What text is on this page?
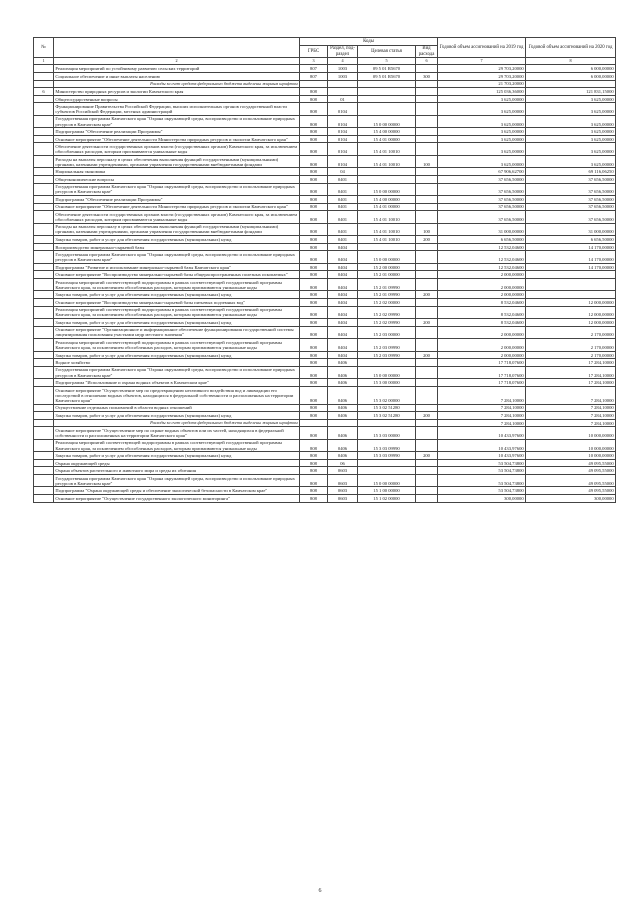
№		Коды				Годовой объем ассигнований на 2019 год	Годовой объем ассигнований на 2020 год
		ГРБС	Раздел, под-раздел	Целевая статья	Вид расхода		
1	2	3	4	5	6	7	8
	Реализация мероприятий по устойчивому развитию сельских территорий	807	1003	09 5 01 R5670		29 703,20000	6 000,00000
	Социальное обеспечение и иные выплаты населению	807	1003	09 5 01 R5670	300	29 703,20000	6 000,00000
	Расходы за счет средств федерального бюджета выделены жирным шрифтом					21 703,20000	
6	Министерство природных ресурсов и экологии Камчатского края	808				125 036,36000	121 831,15000
	Общегосударственные вопросы	808	01			3 625,00000	3 625,00000
	Функционирование Правительства Российской Федерации, высших исполнительных органов государственной власти субъектов Российской Федерации, местных администраций	808	0104			3 625,00000	3 625,00000
	Государственная программа Камчатского края "Охрана окружающей среды, воспроизводство и использование природных ресурсов в Камчатском крае"	808	0104	15 0 00 00000		3 625,00000	3 625,00000
	Подпрограмма "Обеспечение реализации Программы"	808	0104	15 4 00 00000		3 625,00000	3 625,00000
	Основное мероприятие "Обеспечение деятельности Министерства природных ресурсов и экологии Камчатского края"	808	0104	15 4 01 00000		3 625,00000	3 625,00000
	Обеспечение деятельности государственных органов власти (государственных органов) Камчатского края, за исключением обособленных расходов, которым присваиваются уникальные коды	808	0104	15 4 01 10010		3 625,00000	3 625,00000
	Расходы на выплаты персоналу в целях обеспечения выполнения функций государственными (муниципальными) органами, казенными учреждениями, органами управления государственными внебюджетными фондами	808	0104	15 4 01 10010	100	3 625,00000	3 625,00000
	Национальная экономика	808	04			67 906,62700	69 116,06250
	Общеэкономические вопросы	808	0401			37 656,50000	37 656,50000
	Государственная программа Камчатского края "Охрана окружающей среды, воспроизводство и использование природных ресурсов в Камчатском крае"	808	0401	15 0 00 00000		37 656,50000	37 656,50000
	Подпрограмма "Обеспечение реализации Программы"	808	0401	15 4 00 00000		37 656,50000	37 656,50000
	Основное мероприятие "Обеспечение деятельности Министерства природных ресурсов и экологии Камчатского края"	808	0401	15 4 01 00000		37 656,50000	37 656,50000
	Обеспечение деятельности государственных органов власти (государственных органов) Камчатского края, за исключением обособленных расходов, которым присваиваются уникальные коды	808	0401	15 4 01 10010		37 656,50000	37 656,50000
	Расходы на выплаты персоналу в целях обеспечения выполнения функций государственными (муниципальными) органами, казенными учреждениями, органами управления государственными внебюджетными фондами	808	0401	15 4 01 10010	100	31 000,00000	31 000,00000
	Закупка товаров, работ и услуг для обеспечения государственных (муниципальных) нужд	808	0401	15 4 01 10010	200	6 656,50000	6 656,50000
	Воспроизводство минерально-сырьевой базы	808	0404			12 532,04600	14 170,00000
	Государственная программа Камчатского края "Охрана окружающей среды, воспроизводство и использование природных ресурсов в Камчатском крае"	808	0404	15 0 00 00000		12 532,04600	14 170,00000
	Подпрограмма "Развитие и использование минерально-сырьевой базы Камчатского края"	808	0404	15 2 00 00000		12 532,04600	14 170,00000
	Основное мероприятие "Воспроизводство минерально-сырьевой базы общераспространенных полезных ископаемых"	808	0404	15 2 01 00000		2 000,00000	
	Реализация мероприятий соответствующей подпрограммы в рамках соответствующей государственной программы Камчатского края, за исключением обособленных расходов, которым присваиваются уникальные коды	808	0404	15 2 01 09990		2 000,00000	
	Закупка товаров, работ и услуг для обеспечения государственных (муниципальных) нужд	808	0404	15 2 01 09990	200	2 000,00000	
	Основное мероприятие "Воспроизводство минерально-сырьевой базы питьевых подземных вод"	808	0404	15 2 02 00000		8 532,04600	12 000,00000
	Реализация мероприятий соответствующей подпрограммы в рамках соответствующей государственной программы Камчатского края, за исключением обособленных расходов, которым присваиваются уникальные коды	808	0404	15 2 02 09990		8 532,04600	12 000,00000
	Закупка товаров, работ и услуг для обеспечения государственных (муниципальных) нужд	808	0404	15 2 02 09990	200	8 532,04600	12 000,00000
	Основное мероприятие "Организационное и информационное обеспечение функционирования государственной системы лицензирования пользования участками недр местного значения"	808	0404	15 2 03 00000		2 000,00000	2 170,00000
	Реализация мероприятий соответствующей подпрограммы в рамках соответствующей государственной программы Камчатского края, за исключением обособленных расходов, которым присваиваются уникальные коды	808	0404	15 2 03 09990		2 000,00000	2 170,00000
	Закупка товаров, работ и услуг для обеспечения государственных (муниципальных) нужд	808	0404	15 2 03 09990	200	2 000,00000	2 170,00000
	Водное хозяйство	808	0406			17 718,07600	17 284,10000
	Государственная программа Камчатского края "Охрана окружающей среды, воспроизводство и использование природных ресурсов в Камчатском крае"	808	0406	15 0 00 00000		17 718,07600	17 284,10000
	Подпрограмма "Использование и охрана водных объектов в Камчатском крае"	808	0406	15 3 00 00000		17 718,07600	17 284,10000
	Основное мероприятие "Осуществление мер по предотвращению негативного воздействия вод и ликвидации его последствий в отношении водных объектов, находящихся в федеральной собственности и расположенных на территории Камчатского края"	808	0406	15 3 02 00000		7 284,10000	7 284,10000
	Осуществление отдельных полномочий в области водных отношений	808	0406	15 3 02 51280		7 284,10000	7 284,10000
	Закупка товаров, работ и услуг для обеспечения государственных (муниципальных) нужд	808	0406	15 3 02 51280	200	7 284,10000	7 284,10000
	Расходы за счет средств федерального бюджета выделены жирным шрифтом					7 284,10000	7 284,10000
	Основное мероприятие "Осуществление мер по охране водных объектов или их частей, находящихся в федеральной собственности и расположенных на территории Камчатского края"	808	0406	15 3 03 00000		10 433,97600	10 000,00000
	Реализация мероприятий соответствующей подпрограммы в рамках соответствующей государственной программы Камчатского края, за исключением обособленных расходов, которым присваиваются уникальные коды	808	0406	15 3 03 09990		10 433,97600	10 000,00000
	Закупка товаров, работ и услуг для обеспечения государственных (муниципальных) нужд	808	0406	15 3 03 09990	200	10 433,97600	10 000,00000
	Охрана окружающей среды	808	06			53 504,73800	49 095,55000
	Охрана объектов растительного и животного мира и среды их обитания	808	0603			53 504,73800	49 095,55000
	Государственная программа Камчатского края "Охрана окружающей среды, воспроизводство и использование природных ресурсов в Камчатском крае"	808	0603	15 0 00 00000		53 504,73800	49 095,55000
	Подпрограмма "Охрана окружающей среды и обеспечение экологической безопасности в Камчатском крае"	808	0603	15 1 00 00000		53 504,73800	49 095,55000
	Основное мероприятие "Осуществление государственного экологического мониторинга"	808	0603	15 1 02 00000		300,00000	300,00000
6
